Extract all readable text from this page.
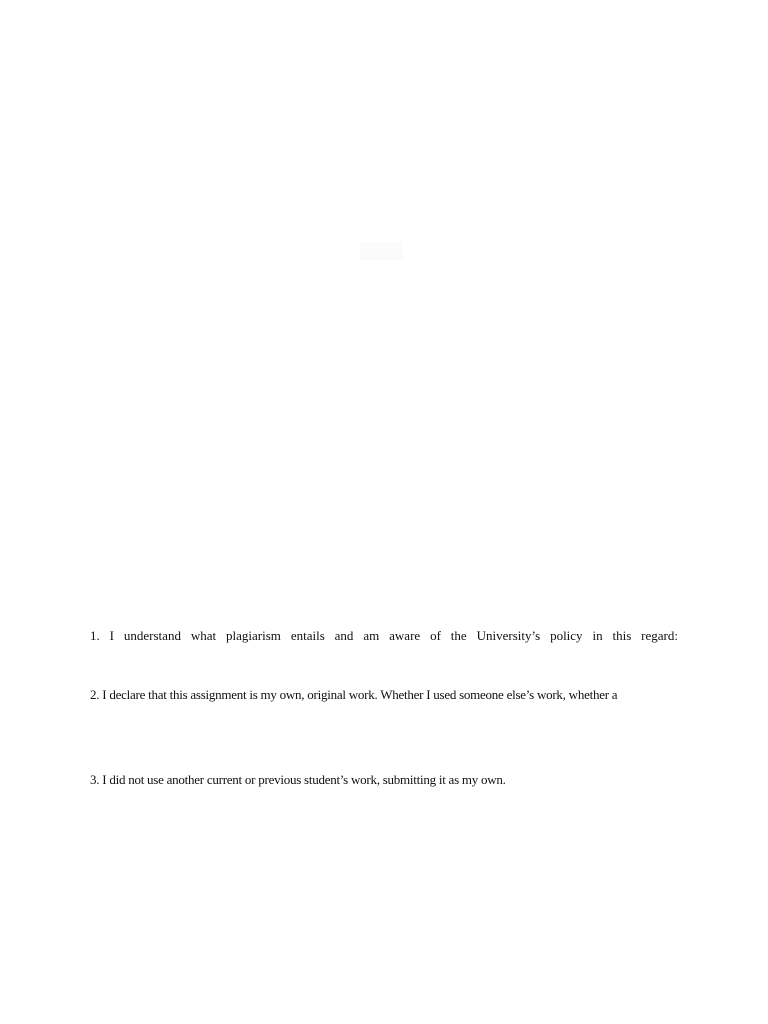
1. I understand what plagiarism entails and am aware of the University’s policy in this regard:
2. I declare that this assignment is my own, original work. Whether I used someone else’s work, whether a
3. I did not use another current or previous student’s work, submitting it as my own.
